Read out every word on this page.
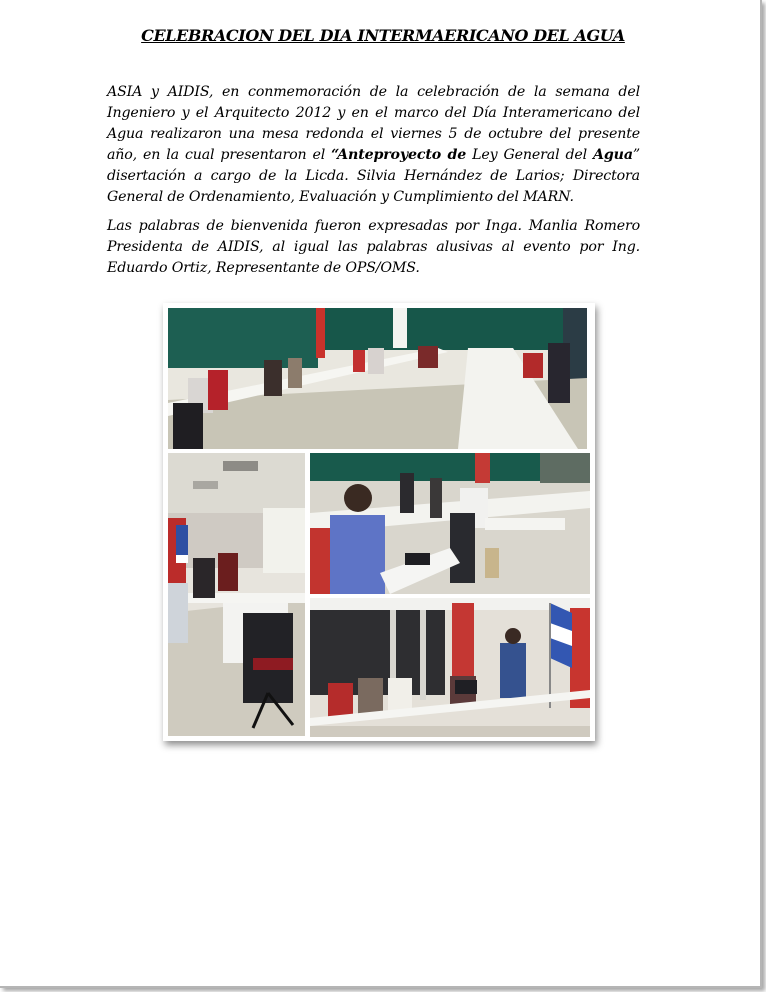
CELEBRACION DEL DIA INTERMAERICANO DEL AGUA
ASIA y AIDIS, en conmemoración de la celebración de la semana del Ingeniero y el Arquitecto 2012 y en el marco del Día Interamericano del Agua realizaron una mesa redonda el viernes 5 de octubre del presente año, en la cual presentaron el “Anteproyecto de Ley General del Agua” disertación a cargo de la Licda. Silvia Hernández de Larios; Directora General de Ordenamiento, Evaluación y Cumplimiento del MARN.
Las palabras de bienvenida fueron expresadas por Inga. Manlia Romero Presidenta de AIDIS, al igual las palabras alusivas al evento por Ing. Eduardo Ortiz, Representante de OPS/OMS.
